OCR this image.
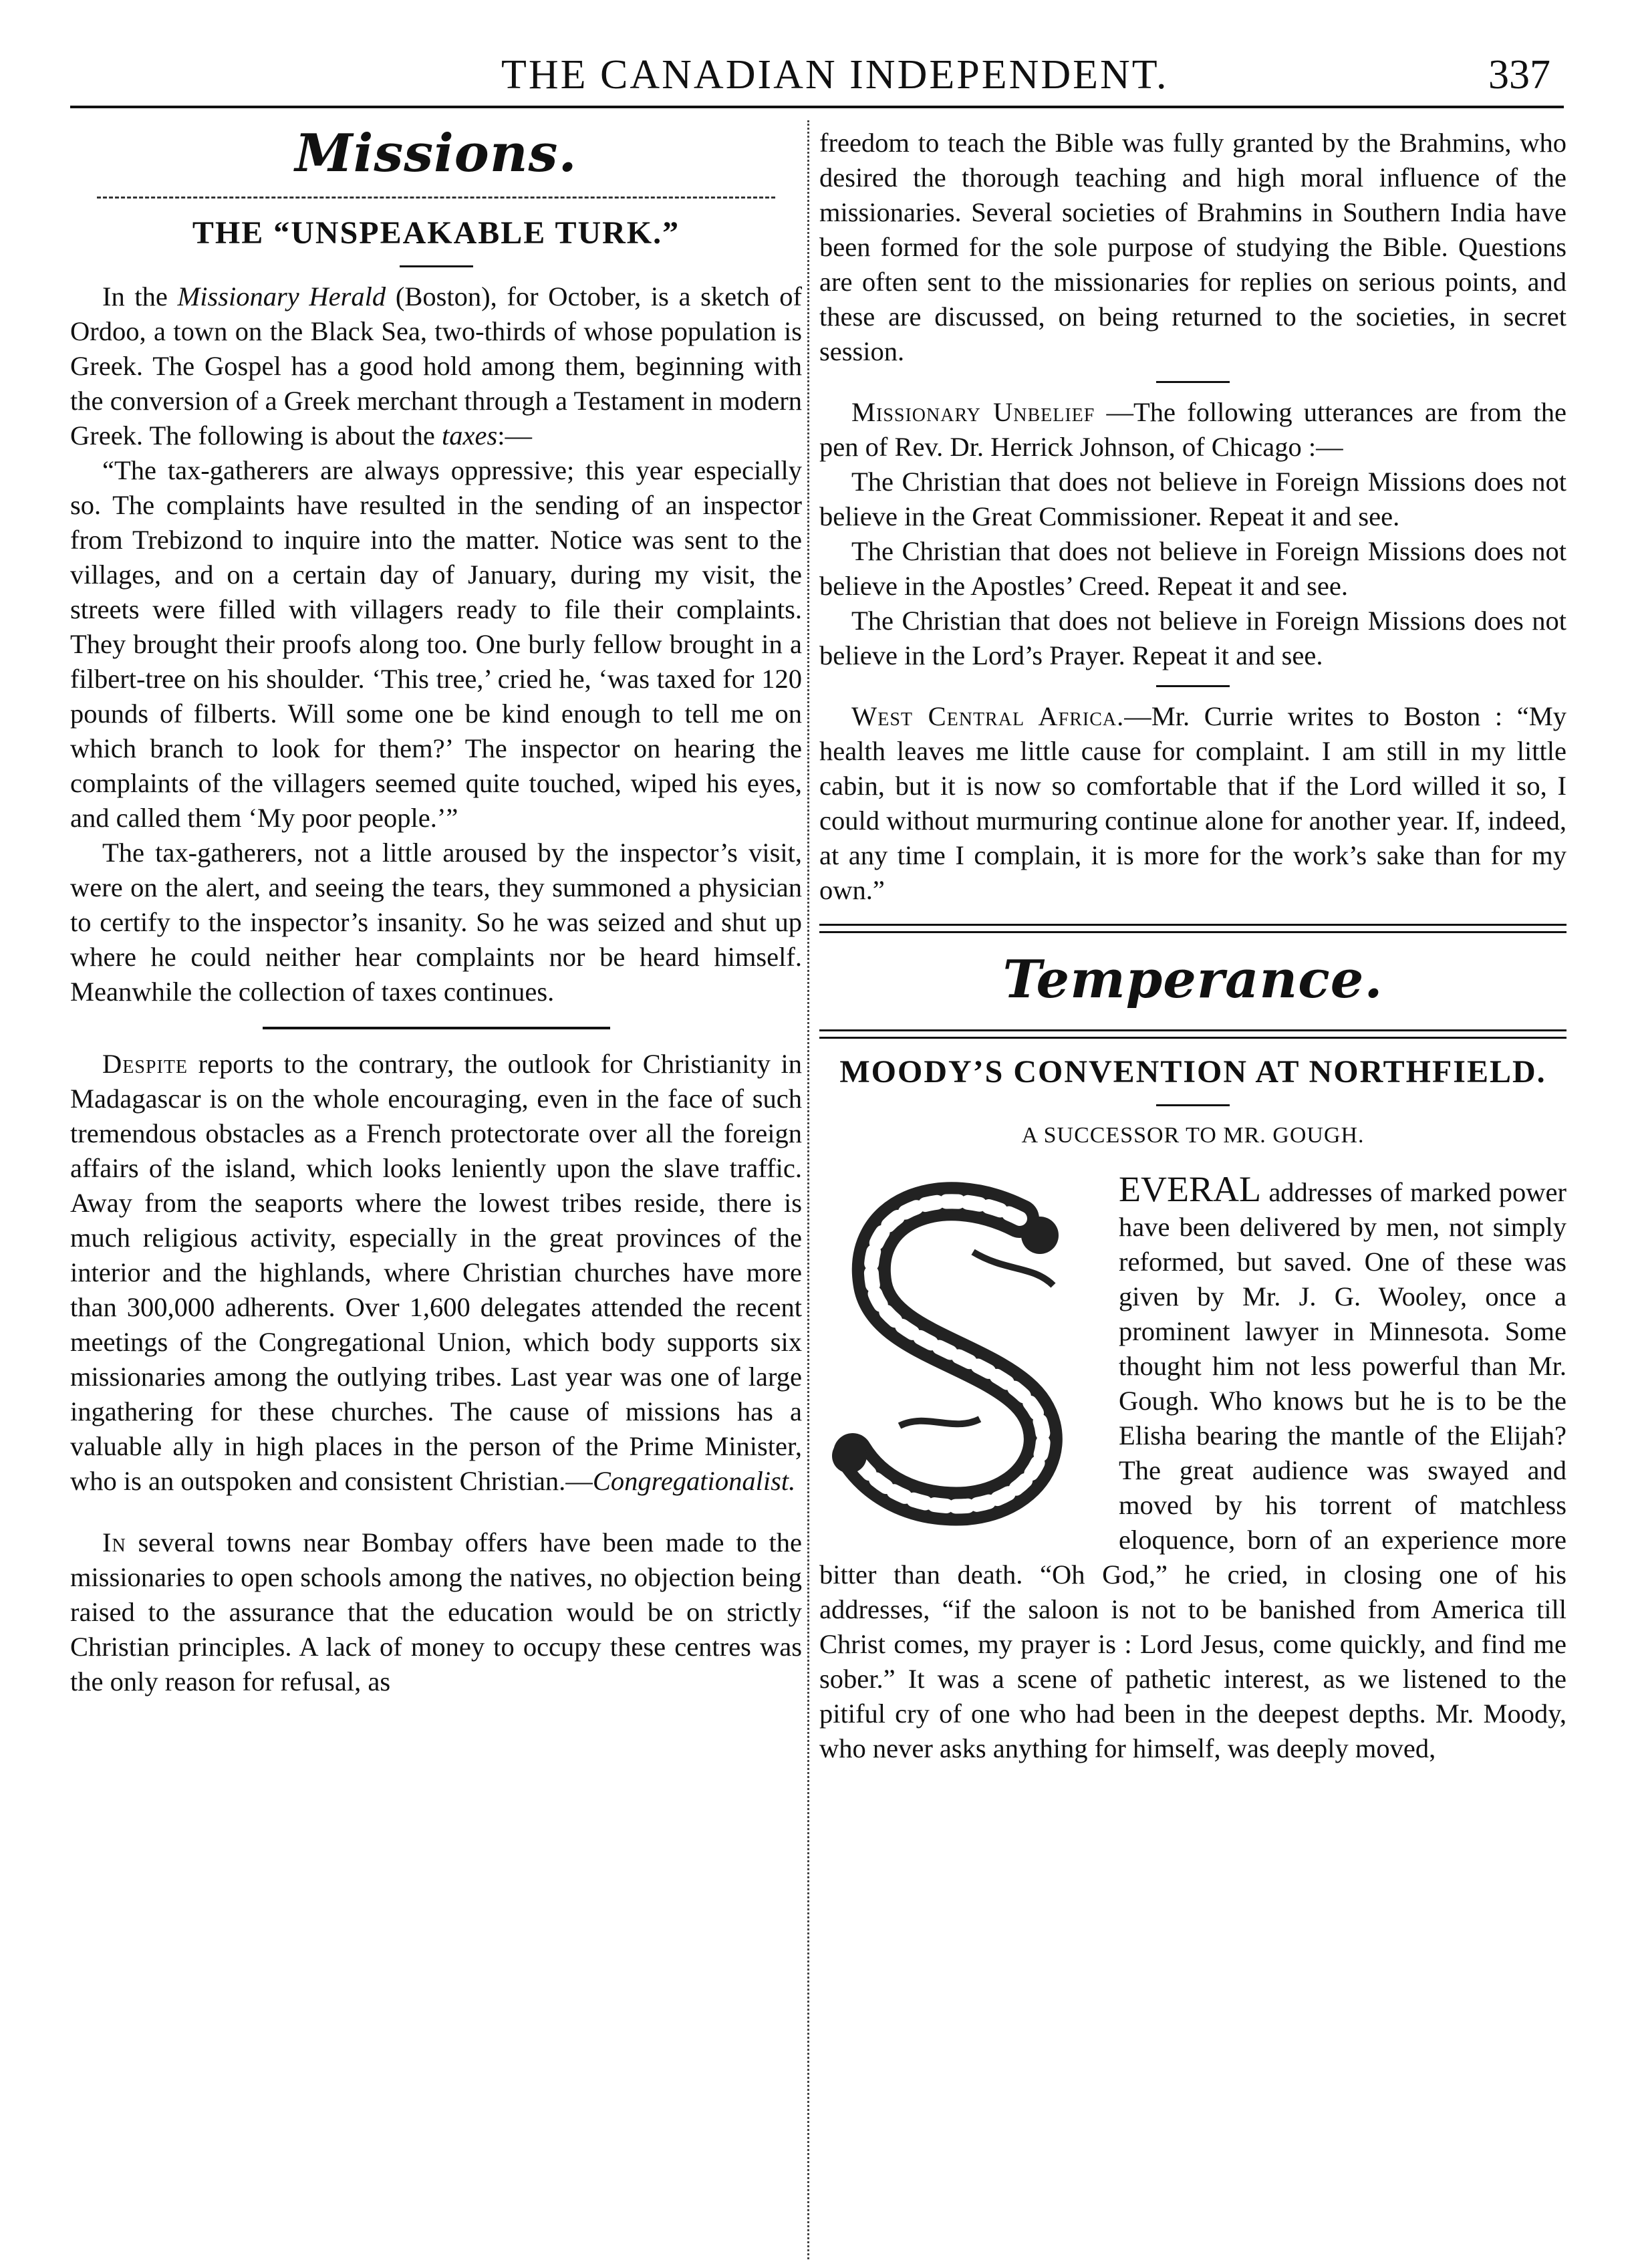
THE CANADIAN INDEPENDENT.	337
Missions.
THE “UNSPEAKABLE TURK.”

In the Missionary Herald (Boston), for October, is a sketch of Ordoo, a town on the Black Sea, two-thirds of whose population is Greek. The Gospel has a good hold among them, beginning with the conversion of a Greek merchant through a Testament in modern Greek. The following is about the taxes:—

“The tax-gatherers are always oppressive; this year especially so. The complaints have resulted in the sending of an inspector from Trebizond to inquire into the matter. Notice was sent to the villages, and on a certain day of January, during my visit, the streets were filled with villagers ready to file their complaints. They brought their proofs along too. One burly fellow brought in a filbert-tree on his shoulder. ‘This tree,’ cried he, ‘was taxed for 120 pounds of filberts. Will some one be kind enough to tell me on which branch to look for them?’ The inspector on hearing the complaints of the villagers seemed quite touched, wiped his eyes, and called them ‘My poor people.’”

The tax-gatherers, not a little aroused by the inspector’s visit, were on the alert, and seeing the tears, they summoned a physician to certify to the inspector’s insanity. So he was seized and shut up where he could neither hear complaints nor be heard himself. Meanwhile the collection of taxes continues.

Despite reports to the contrary, the outlook for Christianity in Madagascar is on the whole encouraging, even in the face of such tremendous obstacles as a French protectorate over all the foreign affairs of the island, which looks leniently upon the slave traffic. Away from the seaports where the lowest tribes reside, there is much religious activity, especially in the great provinces of the interior and the highlands, where Christian churches have more than 300,000 adherents. Over 1,600 delegates attended the recent meetings of the Congregational Union, which body supports six missionaries among the outlying tribes. Last year was one of large ingathering for these churches. The cause of missions has a valuable ally in high places in the person of the Prime Minister, who is an outspoken and consistent Christian.—Congregationalist.

In several towns near Bombay offers have been made to the missionaries to open schools among the natives, no objection being raised to the assurance that the education would be on strictly Christian principles. A lack of money to occupy these centres was the only reason for refusal, as

freedom to teach the Bible was fully granted by the Brahmins, who desired the thorough teaching and high moral influence of the missionaries. Several societies of Brahmins in Southern India have been formed for the sole purpose of studying the Bible. Questions are often sent to the missionaries for replies on serious points, and these are discussed, on being returned to the societies, in secret session.

Missionary Unbelief —The following utterances are from the pen of Rev. Dr. Herrick Johnson, of Chicago :—

The Christian that does not believe in Foreign Missions does not believe in the Great Commissioner. Repeat it and see.

The Christian that does not believe in Foreign Missions does not believe in the Apostles’ Creed. Repeat it and see.

The Christian that does not believe in Foreign Missions does not believe in the Lord’s Prayer. Repeat it and see.

West Central Africa.—Mr. Currie writes to Boston : “My health leaves me little cause for complaint. I am still in my little cabin, but it is now so comfortable that if the Lord willed it so, I could without murmuring continue alone for another year. If, indeed, at any time I complain, it is more for the work’s sake than for my own.”

Temperance.
MOODY’S CONVENTION AT NORTHFIELD.
A SUCCESSOR TO MR. GOUGH.
S

EVERAL addresses of marked power have been delivered by men, not simply reformed, but saved. One of these was given by Mr. J. G. Wooley, once a prominent lawyer in Minnesota. Some thought him not less powerful than Mr. Gough. Who knows but he is to be the Elisha bearing the mantle of the Elijah? The great audience was swayed and moved by his torrent of matchless eloquence, born of an experience more bitter than death. “Oh God,” he cried, in closing one of his addresses, “if the saloon is not to be banished from America till Christ comes, my prayer is : Lord Jesus, come quickly, and find me sober.” It was a scene of pathetic interest, as we listened to the pitiful cry of one who had been in the deepest depths. Mr. Moody, who never asks anything for himself, was deeply moved,
